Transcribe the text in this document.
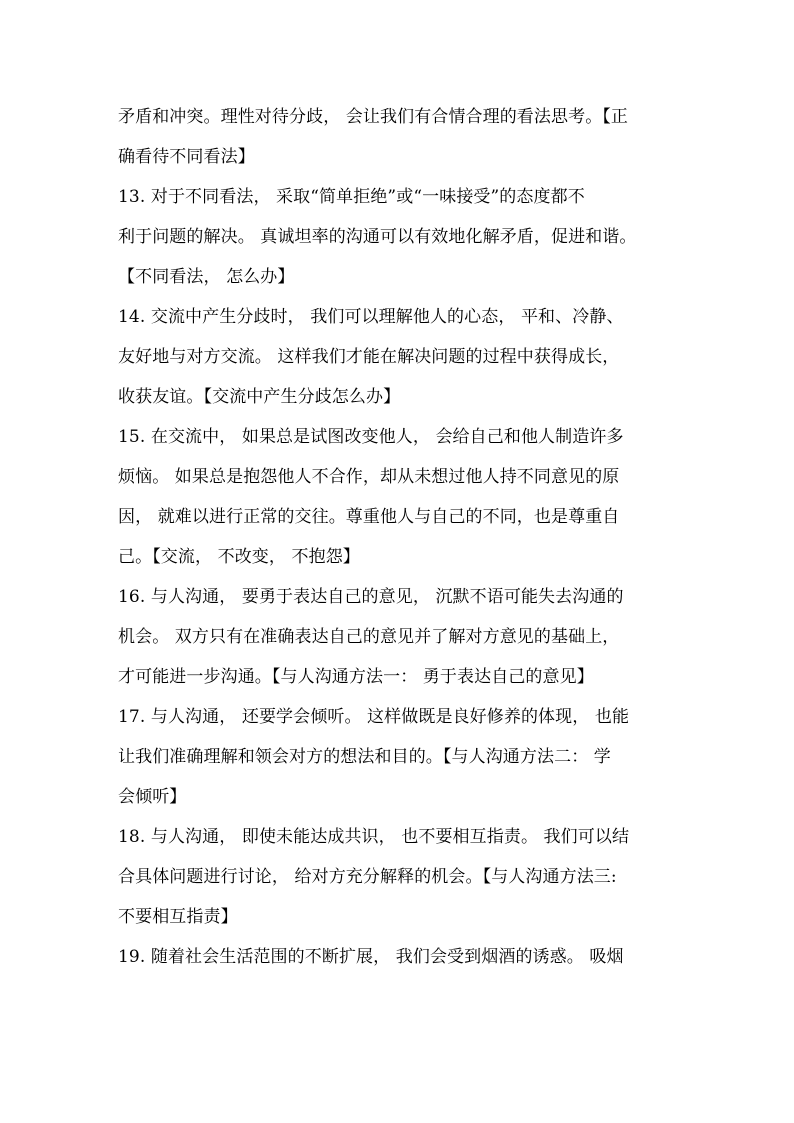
矛盾和冲突。理性对待分歧， 会让我们有合情合理的看法思考。【正
确看待不同看法】
13. 对于不同看法， 采取“简单拒绝”或“一味接受”的态度都不
利于问题的解决。 真诚坦率的沟通可以有效地化解矛盾，促进和谐。
【不同看法， 怎么办】
14. 交流中产生分歧时， 我们可以理解他人的心态， 平和、冷静、
友好地与对方交流。 这样我们才能在解决问题的过程中获得成长，
收获友谊。【交流中产生分歧怎么办】
15. 在交流中， 如果总是试图改变他人， 会给自己和他人制造许多
烦恼。 如果总是抱怨他人不合作，却从未想过他人持不同意见的原
因， 就难以进行正常的交往。尊重他人与自己的不同，也是尊重自
己。【交流， 不改变， 不抱怨】
16. 与人沟通， 要勇于表达自己的意见， 沉默不语可能失去沟通的
机会。 双方只有在准确表达自己的意见并了解对方意见的基础上，
才可能进一步沟通。【与人沟通方法一： 勇于表达自己的意见】
17. 与人沟通， 还要学会倾听。 这样做既是良好修养的体现， 也能
让我们准确理解和领会对方的想法和目的。【与人沟通方法二： 学
会倾听】
18. 与人沟通， 即使未能达成共识， 也不要相互指责。 我们可以结
合具体问题进行讨论， 给对方充分解释的机会。【与人沟通方法三:
不要相互指责】
19. 随着社会生活范围的不断扩展， 我们会受到烟酒的诱惑。 吸烟
